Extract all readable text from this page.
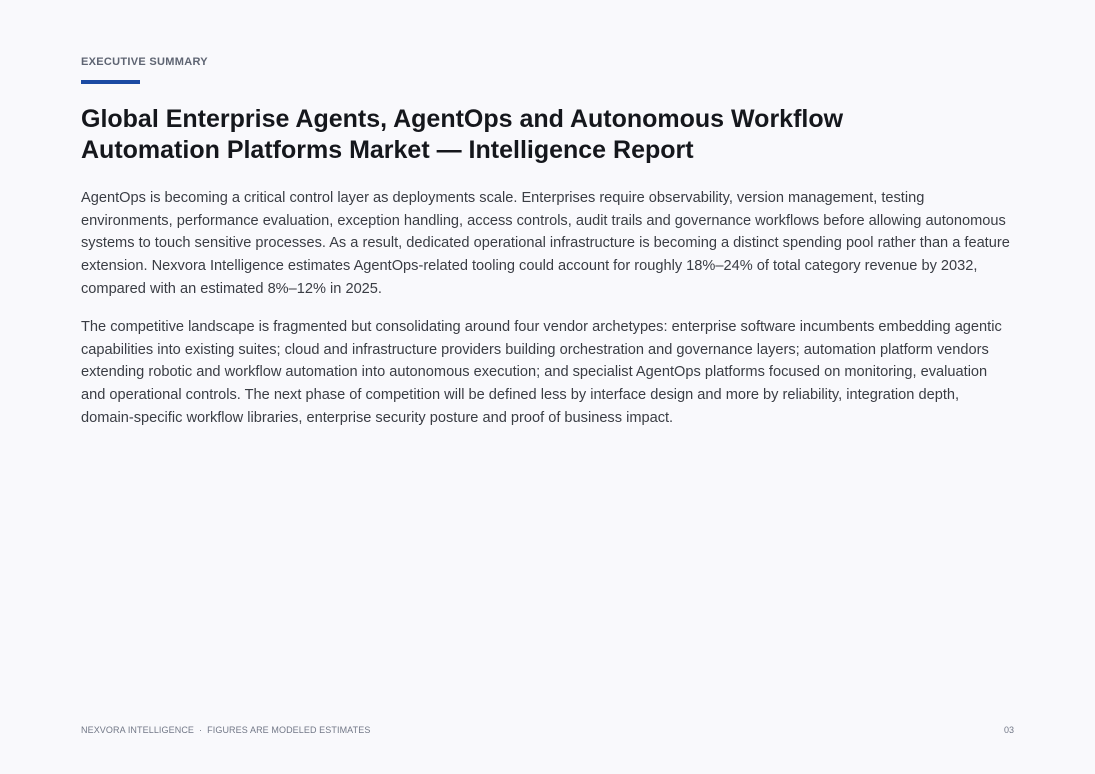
EXECUTIVE SUMMARY
Global Enterprise Agents, AgentOps and Autonomous Workflow
Automation Platforms Market — Intelligence Report

AgentOps is becoming a critical control layer as deployments scale. Enterprises require observability, version management, testing environments, performance evaluation, exception handling, access controls, audit trails and governance workflows before allowing autonomous systems to touch sensitive processes. As a result, dedicated operational infrastructure is becoming a distinct spending pool rather than a feature extension. Nexvora Intelligence estimates AgentOps-related tooling could account for roughly 18%–24% of total category revenue by 2032, compared with an estimated 8%–12% in 2025.

The competitive landscape is fragmented but consolidating around four vendor archetypes: enterprise software incumbents embedding agentic capabilities into existing suites; cloud and infrastructure providers building orchestration and governance layers; automation platform vendors extending robotic and workflow automation into autonomous execution; and specialist AgentOps platforms focused on monitoring, evaluation and operational controls. The next phase of competition will be defined less by interface design and more by reliability, integration depth, domain-specific workflow libraries, enterprise security posture and proof of business impact.

NEXVORA INTELLIGENCE · FIGURES ARE MODELED ESTIMATES	03
